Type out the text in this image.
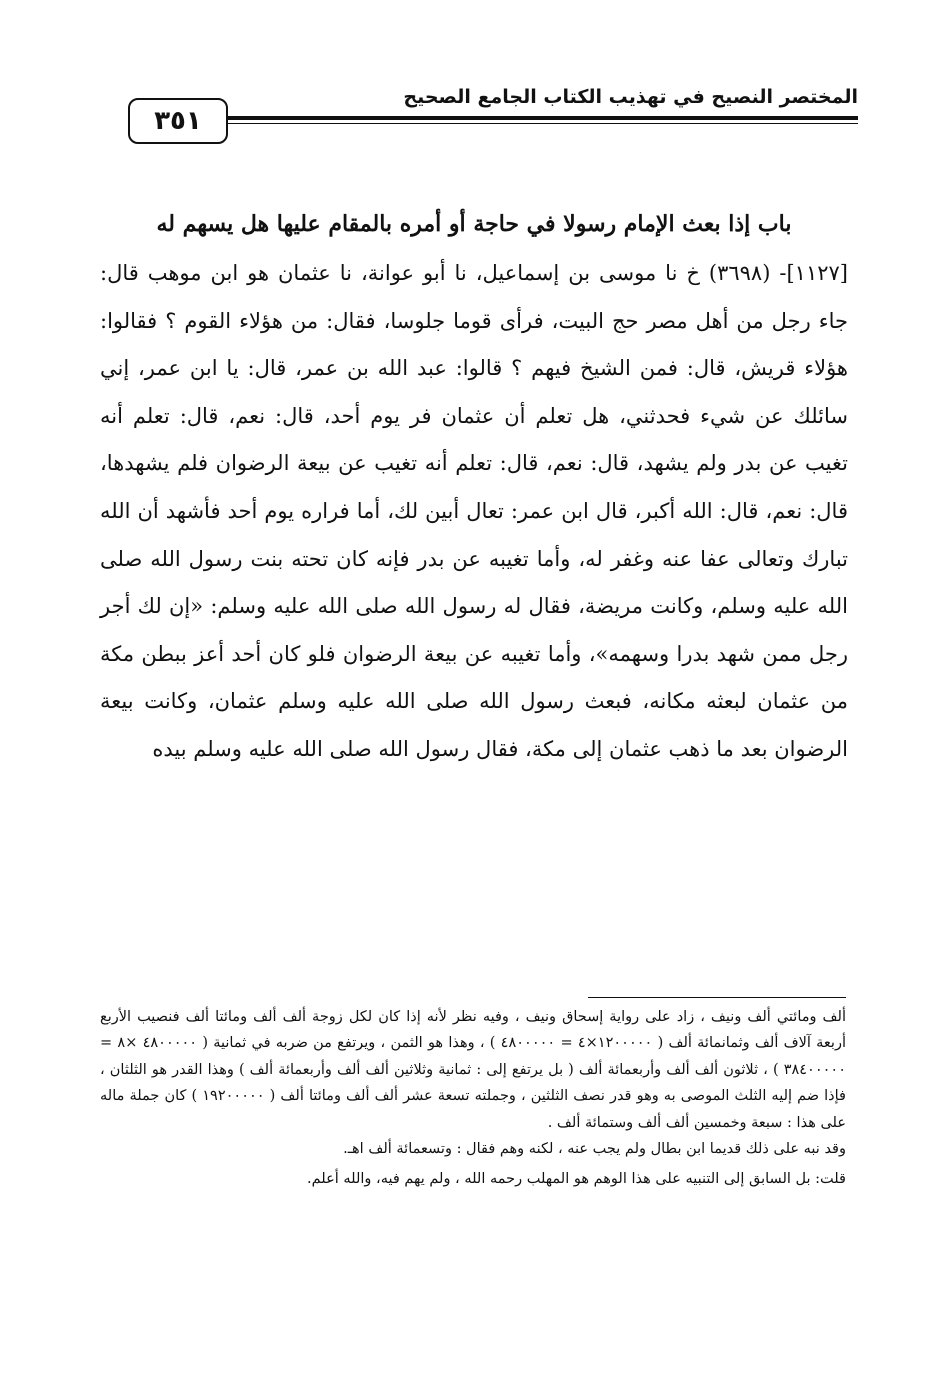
المختصر النصيح في تهذيب الكتاب الجامع الصحيح
٣٥١
باب إذا بعث الإمام رسولا في حاجة أو أمره بالمقام عليها هل يسهم له

[١١٢٧]- (٣٦٩٨) خ نا موسى بن إسماعيل، نا أبو عوانة، نا عثمان هو ابن موهب قال: جاء رجل من أهل مصر حج البيت، فرأى قوما جلوسا، فقال: من هؤلاء القوم ؟ فقالوا: هؤلاء قريش، قال: فمن الشيخ فيهم ؟ قالوا: عبد الله بن عمر، قال: يا ابن عمر، إني سائلك عن شيء فحدثني، هل تعلم أن عثمان فر يوم أحد، قال: نعم، قال: تعلم أنه تغيب عن بدر ولم يشهد، قال: نعم، قال: تعلم أنه تغيب عن بيعة الرضوان فلم يشهدها، قال: نعم، قال: الله أكبر، قال ابن عمر: تعال أبين لك، أما فراره يوم أحد فأشهد أن الله تبارك وتعالى عفا عنه وغفر له، وأما تغيبه عن بدر فإنه كان تحته بنت رسول الله صلى الله عليه وسلم، وكانت مريضة، فقال له رسول الله صلى الله عليه وسلم: «إن لك أجر رجل ممن شهد بدرا وسهمه»، وأما تغيبه عن بيعة الرضوان فلو كان أحد أعز ببطن مكة من عثمان لبعثه مكانه، فبعث رسول الله صلى الله عليه وسلم عثمان، وكانت بيعة الرضوان بعد ما ذهب عثمان إلى مكة، فقال رسول الله صلى الله عليه وسلم بيده

ألف ومائتي ألف ونيف ، زاد على رواية إسحاق ونيف ، وفيه نظر لأنه إذا كان لكل زوجة ألف ألف ومائتا ألف فنصيب الأربع أربعة آلاف ألف وثمانمائة ألف ( ١٢٠٠٠٠٠×٤ = ٤٨٠٠٠٠٠ ) ، وهذا هو الثمن ، ويرتفع من ضربه في ثمانية ( ٤٨٠٠٠٠٠ ×٨ = ٣٨٤٠٠٠٠٠ ) ، ثلاثون ألف ألف وأربعمائة ألف ( بل يرتفع إلى : ثمانية وثلاثين ألف ألف وأربعمائة ألف ) وهذا القدر هو الثلثان ، فإذا ضم إليه الثلث الموصى به وهو قدر نصف الثلثين ، وجملته تسعة عشر ألف ألف ومائتا ألف ( ١٩٢٠٠٠٠٠ ) كان جملة ماله على هذا : سبعة وخمسين ألف ألف وستمائة ألف .

وقد نبه على ذلك قديما ابن بطال ولم يجب عنه ، لكنه وهم فقال : وتسعمائة ألف اهـ.

قلت: بل السابق إلى التنبيه على هذا الوهم هو المهلب رحمه الله ، ولم يهم فيه، والله أعلم.
